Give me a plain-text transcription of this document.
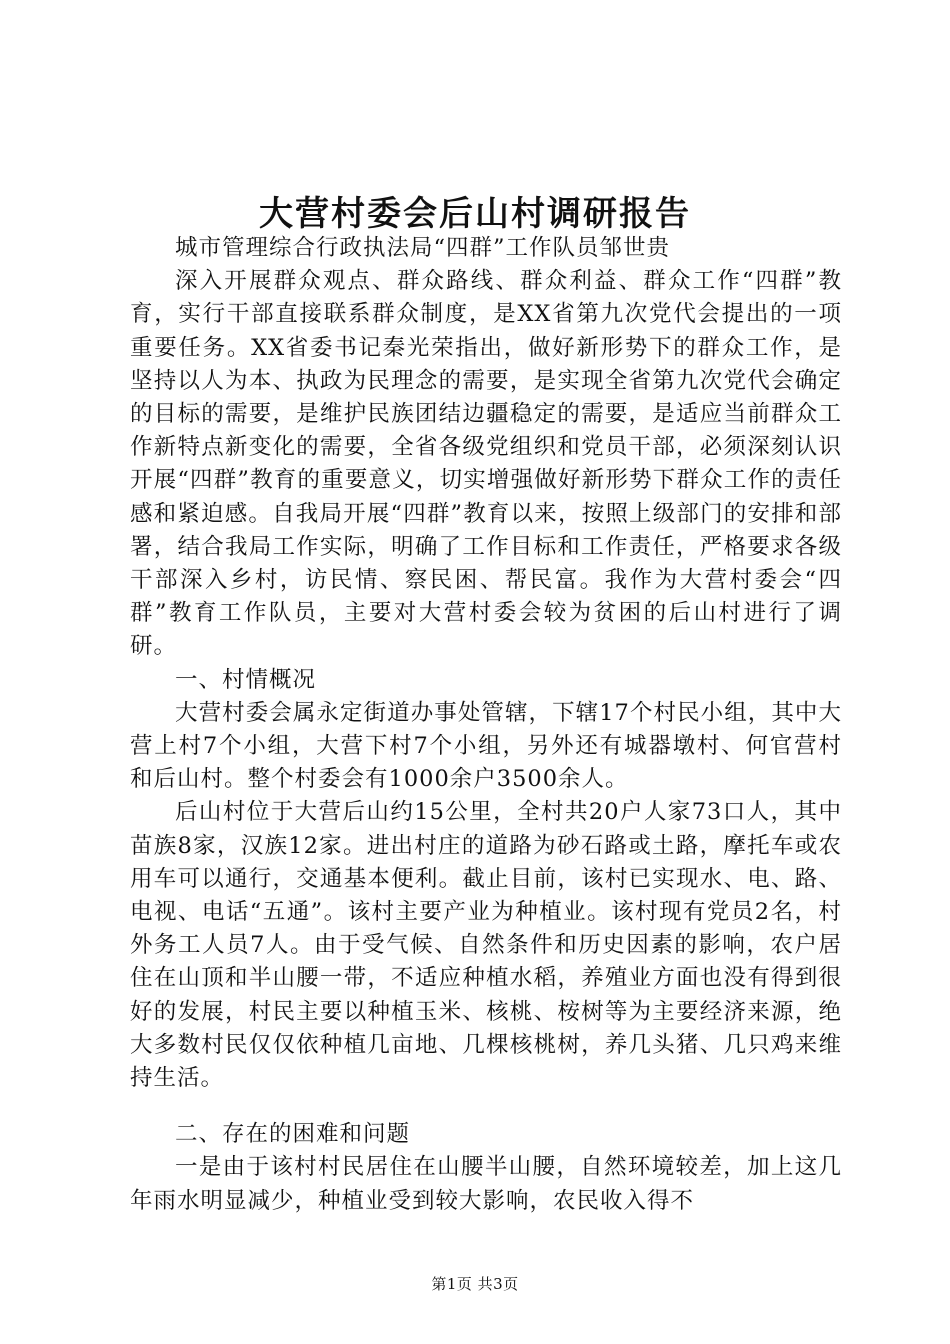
大营村委会后山村调研报告

城市管理综合行政执法局“四群”工作队员邹世贵

深入开展群众观点、群众路线、群众利益、群众工作“四群”教育，实行干部直接联系群众制度，是XX省第九次党代会提出的一项重要任务。XX省委书记秦光荣指出，做好新形势下的群众工作，是坚持以人为本、执政为民理念的需要，是实现全省第九次党代会确定的目标的需要，是维护民族团结边疆稳定的需要，是适应当前群众工作新特点新变化的需要，全省各级党组织和党员干部，必须深刻认识开展“四群”教育的重要意义，切实增强做好新形势下群众工作的责任感和紧迫感。自我局开展“四群”教育以来，按照上级部门的安排和部署，结合我局工作实际，明确了工作目标和工作责任，严格要求各级干部深入乡村，访民情、察民困、帮民富。我作为大营村委会“四群”教育工作队员，主要对大营村委会较为贫困的后山村进行了调研。

一、村情概况

大营村委会属永定街道办事处管辖，下辖17个村民小组，其中大营上村7个小组，大营下村7个小组，另外还有城器墩村、何官营村和后山村。整个村委会有1000余户3500余人。

后山村位于大营后山约15公里，全村共20户人家73口人，其中苗族8家，汉族12家。进出村庄的道路为砂石路或土路，摩托车或农用车可以通行，交通基本便利。截止目前，该村已实现水、电、路、电视、电话“五通”。该村主要产业为种植业。该村现有党员2名，村外务工人员7人。由于受气候、自然条件和历史因素的影响，农户居住在山顶和半山腰一带，不适应种植水稻，养殖业方面也没有得到很好的发展，村民主要以种植玉米、核桃、桉树等为主要经济来源，绝大多数村民仅仅依种植几亩地、几棵核桃树，养几头猪、几只鸡来维持生活。

二、存在的困难和问题

一是由于该村村民居住在山腰半山腰，自然环境较差，加上这几年雨水明显减少，种植业受到较大影响，农民收入得不

第1页 共3页
